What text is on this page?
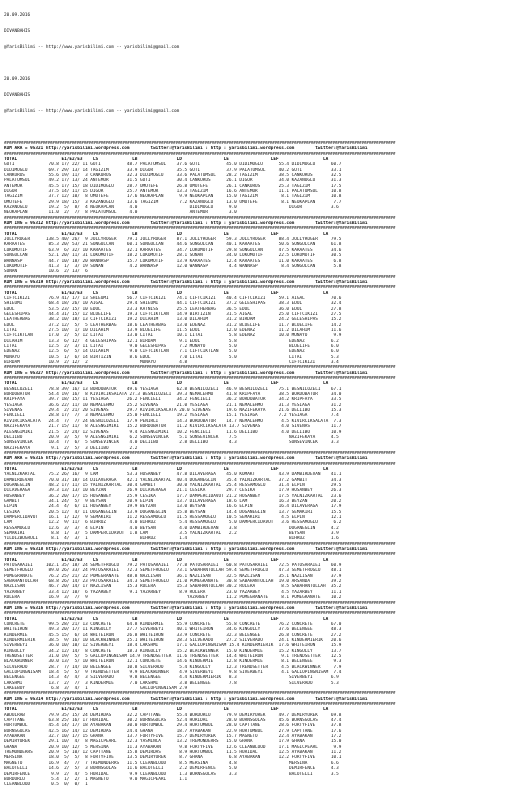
20.09.2016

DIVANBAHIS

@YarisBilimi -- http://www.yarisbilimi.com -- yarisbilimi@gmail.com

20.09.2016

DIVANBAHIS

@YarisBilimi -- http://www.yarisbilimi.com -- yarisbilimi@gmail.com

##################################################################################################################################################################
KUM ARA = 95321 http://yarisbilimi.wordpress.com        twitter:@YarisBilimi : http : yarisbilimi.wordpress.com        twitter:@YarisBilimi
##################################################################################################################################################################
TOTAL                 E1/E2/E3    LS             LB               LD                LE                LEF                 LA
GUTI             70.8 17/ 22/ 11 GUTI          48.7 PALATUMSUL    37.6 GUTI          45.0 DIDIMOGLU      55.4 DIDIMOGLU      60.7
DIDIMOGLU        69.7 29/ 13/ 14 TAGIZIM       33.9 DIGOR         35.5 GUTI          37.9 PALATUMSUL     40.2 GUTI           33.1
CANKURUS         55.6 19/ 11/  3 CANKURUS      32.3 DIDIMOGLU     33.6 PALATUMSUL    28.2 TAGIZIM        38.5 CANKURUS       32.5
PALATUMSUL       49.2 17/ 13/ 24 ANTEMUR       31.5 GUTI          30.4 CANKURUS      26.1 DIGOR          34.0 KAZANOGLU      31.3
ANTEMUR          45.5 17/ 15/ 18 DIDIMOGLU     28.7 UMUTEFE       26.8 UMUTEFE       26.1 CANKURUS       25.3 TAGIZIM        17.5
DIGOR            37.5 14/ 11/ 15 DIGOR         25.7 ANTEMUR       13.3 TAGIZIM       16.6 ANTEMUR        11.1 PALATUMSUL     10.8
TAGIZIM          37.7 12/ 10/  8 UMUTEFE       17.6 NEOKAPLAN      9.9 NEOKAPLAN     15.0 TAGIZIM         8.1 TAGIZIM        10.8
UMUTEFE          29.9 18/ 15/  3 KAZANOGLU     13.6 TAGIZIM        7.2 KAZANOGLU     13.0 UMUTEFE         8.1 NEOKAPLAN       7.7
KAZANOGLU        19.2  5/  8/  4 NEOKAPLAN      4.0                    DIDIMOGLU      9.0                    DIGOR           3.6
NEOKAPLAN        11.0  2/  7/  8 PALATUMSUL     4.0                    ANTEMUR        3.0
##################################################################################################################################################################
KUM ING = 95312 http://yarisbilimi.wordpress.com        twitter:@YarisBilimi : http : yarisbilimi.wordpress.com        twitter:@YarisBilimi
##################################################################################################################################################################
TOTAL                 E1/E2/E3    LS             LB               LD                LE                LEF                 LA
JOLLYROGER      138.5 40/ 26/  9 JOLLYROGER    79.1 JOLLYROGER    87.1 JOLLYROGER    59.3 JOLLYROGER     88.4 JOLLYROGER     79.5
KARAATES         85.3 20/ 53/ 21 SONGULCAN     60.1 SONGULCAN     44.6 SONGULCAN     40.1 KARAATES       50.6 SONGULCAN      61.8
LOKOMOTIF        63.9  6/ 32/ 10 KARAATES      32.1 KARAATES      34.7 LOKOMOTIF     29.8 SONGULCAN      47.5 KARAATES       34.6
SONGULCAN        52.1 20/ 11/ 31 LOKOMOTIF     18.2 LOKOMOTIF     28.1 SUNAN         34.0 LOKOMOTIF      22.5 LOKOMOTIF      30.5
WANNASP          44.7 10/ 18/ 20 WANNASP       15.7 LOKOMOTIF     13.9 KARAATES      12.4 KARAATES       11.0 KARAATES        6.8
LOKOMOTIF        41.3  1/  3/ 19 SUNAN          4.2 WANNASP       12.0 WANNASP        4.4 WANNASP         8.4 SONGULCAN       5.8
SUNAN            10.6  2/ 13/  6
##################################################################################################################################################################
KUM ING = 95319 http://yarisbilimi.wordpress.com        twitter:@YarisBilimi : http : yarisbilimi.wordpress.com        twitter:@YarisBilimi
##################################################################################################################################################################
TOTAL                 E1/E2/E3    LS             LB               LD                LE                LEF                 LA
CIFTCIKIZI       76.9 41/ 17/ 13 SHIEUMI       56.7 CIFTCIKIZI    74.1 CIFTCIKIZI    40.4 CIFTCIKIZI     59.1 AIGAL          70.6
SHIEUMI          68.4 18/ 26/ 10 AIGAL         29.4 SHIEUMI       44.1 CIFTCIKIZI    37.2 GELESHIPAS     38.3 EDUL           32.4
EDUL             53.5 23/ 15/ 10 EDUL          23.3 KATNISS       25.5 LEATHERBAG    36.5 EDUL           36.0 EDUL           27.8
GELESHIPAS       44.4 31/ 15/ 12 BLUELIFE      19.3 CIFTCIKTLAN   14.9 BIRTIZIN      31.5 AIGAL          25.0 CIFTCIKIZI     27.5
LEATHERBAG       38.2 10/ 18/ 13 CIFTCIKIZI    19.2 DILAHIM       13.0 DILAHIM       31.2 BIRDAM         24.2 GELESHIPAS     15.2
EDUL             37.2 12/  5/  5 LEATHERBAG    18.6 LEATHERBAG    13.0 EDENAZ        31.2 BLUELIFE       11.7 BLUELIFE       14.2
LITAI            27.5 10/  1/ 10 DILAHIM       13.9 BLUELIFE      11.5 EDUL          12.0 EDENAZ         11.2 DILAHIM        11.6
CIFTCIKTLAN      17.0  2/  5/ 12 LITAI         13.0 LITAI         10.1 LITAI          5.8 EDENAZ         10.0 MUNAYO          9.9
DILAHIM          13.3  6/ 12/  4 GELESHIPAS    12.1 BIRDAM         9.1 EDUL           5.8                    EDENAZ          6.2
LITAI            12.5  2/  3/ 11 LITAI          9.0 GELESHIPAS     7.2 MUNAYO         5.0                    BLUELIFE        6.0
EDENAZ           12.5  6/  5/ 14 DILAHIM        9.0 CIFTCIKTLAN    7.1 CIFTCIKTLAN    5.0                    EDENAZ          6.0
MUNAYO           10.5  1/  6/ 14 BIRTIZIN       8.6 EDUL           7.0 LITAI          5.0                    LITAI           5.3
BIRDAM           10.9  2/ 12/  2                    MUNAYO         4.8                                       CIFTCIKIZI      3.4
##################################################################################################################################################################
KUM ING = 95327 http://yarisbilimi.wordpress.com        twitter:@YarisBilimi : http : yarisbilimi.wordpress.com        twitter:@YarisBilimi
##################################################################################################################################################################
TOTAL                 E1/E2/E3    LS             LB               LD                LE                LEF                 LA
BESNILOZELI      78.8 39/ 16/ 13 BORDOBATUR    49.6 YESIAGA       62.8 BESNILOZELI   46.9 BESNILOZELI    75.1 BESNILOZELI    67.1
BORDOBATUR       54.4 19/ 16/  8 KIVIRCIKSALATA 27.3 BESNILOZELI  39.3 NEMALEHMO     41.8 KRIPFAYA       38.5 BORDOBATUR     34.0
KRIPFAYA         39.7 18/ 15/ 11 YESIAGA       26.2 FENCIELI      34.2 FENCIELI      36.2 BORDOBATUR     34.2 KRIPFAYA       33.5
YESIAGA          36.6 22/ 11/ 10 NEMALEHMO     25.2 SIVENAS       21.0 YESIAGA       21.1 NEMALEHMO      31.3 YESIAGA        31.2
SIVENAS          29.4  2/ 21/ 20 SIVENAS       29.7 KIVIRCIKSALATA 20.0 SIVENAS      19.6 NAZIFEKAYA     21.6 DELIIBO        15.3
FENCIELI         28.8 17/  7/  3 NEMALEHMO     25.0 FENCIELI      19.2 YESIAGA       15.1 YESIAGA        7.2 YESIAGA         7.4
KIVIRCIKSALATA   24.4  7/  7/ 24 BESNILOZELI   17.9 PENIRLI       14.3 BORDOBATUR    14.7 NEMALEHMO       4.5 KIVIRCIKSALATA  7.3
NAZIFEKAYA       21.7 15/ 11/  8 ALESNGIMIKI   15.2 BORDOBATUR    11.2 KIVIRCIKSALATA 13.7 SIVENAS        4.0 SIVENAS        11.7
ALESNGIMIKI      21.5  2/ 24/ 12 SIVENAS        9.4 ALESNGIMIKI   10.2 FENCIELI      11.6 DELIIBO         4.0 DELIIBO        10.9
DELIIBO          20.9  3/  5/  9 ALESNGIMIKI    6.2 SONSEVINCEK    5.1 SONSEVINCEK    7.5                    NAZIFEKAYA      4.5
SONSEVINCEK      10.4  7/  6/  5 SONSEVINCEK    4.0 DELIIBO        2.8 DELIIBO        4.3                    SONSEVINCEK     3.3
NAZIFEKAYA        9.1  2/  5/  3 DELIIBO        2.2
##################################################################################################################################################################
KUM ARA = 95315 http://yarisbilimi.wordpress.com        twitter:@YarisBilimi : http : yarisbilimi.wordpress.com        twitter:@YarisBilimi
##################################################################################################################################################################
TOTAL                 E1/E2/E3    LS             LB               LD                LE                LEF                 LA
YALNIZKARTAL     75.2 26/ 16/  9 LAM           53.3 HOSANBEY      47.8 DILAVERAGA    45.0 KOMAKT         43.9 DAMBIRDEVAN    41.1
DAMBIRDEVAN      70.0 31/ 18/ 14 DILAVERAGA    42.1 YALNIZKARTAL  40.4 DOGANEGLIN    35.4 YALNIZKARTAL   37.2 GAMBIT         34.3
DOGANEGLIN       48.2 17/ 11/ 15 YALNIZKARTAL  30.4 GAMBIT        30.0 YALNIZKARTAL  25.4 RESSAMOGLU     31.4 ELPIN          29.5
DILAVERAGA       39.3 13/ 13/ 10 BEYZAN        26.9 DILAVERAGA    21.1 CESIKA        29.7 CESIKA         17.9 HOSANBEY       26.3
HOSANBEY         36.2 20/ 17/ 15 HOSANBEY      25.9 CESIKA        17.7 DAMPERCIDAVUT 21.2 HOSANBEY       17.5 YALNIZKARTAL   23.6
GAMBIT           34.1 24/  5/  9 BEYSAN        20.9 ELPIN         13.7 DILAVERAGA    18.6 LAM            16.3 BEYZAN         20.2
ELPIN            24.4  4/  6/ 11 HOSANBEY      19.9 BEYZAN        13.0 BEYSAN        16.6 ELPIN          16.4 DILAVERAGA     17.9
CESIKA           20.5 12/  4/ 11 DOGANEGLIN    13.9 DOGANEGLIN    15.8 BEYSAN        14.4 DOGANEGLIN     13.7 SEMAKIRI       15.5
DAMPERCIDAVUT    16.1  1/ 12/  9 SEMAKIRI      11.2 RESSAMOGLU    11.5 RESSAMOGLU    10.5 SEMAKIRI        4.5 ELPIN          12.1
LAM              12.2  9/ 11/  6 BIHRUZ         4.0 BIHRUZ         5.4 RESSAMOGLU     5.0 DAMPERCIDAVUT   3.6 RESSAMOGLU      6.2
RESSAMOGLU       12.6  3/  3/  4 ELPIN          4.0 BEYSAN         4.0 DAMBIRDEVAN    3.8                    DOGANEGLIN      4.2
SEMAKIRI          8.8  1/  3/  5 DAMPERCIDAVUT  1.8 LAM            3.5 YALNIZKARTAL   2.2                    BEYSAN          3.9
YILDIZBUGRULI     8.1  4/  3/  1                    BIHRUZ         1.4                                       BIHRUZ          1.6
##################################################################################################################################################################
KUM ING = 95318 http://yarisbilimi.wordpress.com        twitter:@YarisBilimi : http : yarisbilimi.wordpress.com        twitter:@YarisBilimi
##################################################################################################################################################################
TOTAL                 E1/E2/E3    LS             LB               LD                LE                LEF                 LA
PATOSARAIEI     102.1 35/ 18/ 24 SEMETFROGLU   79.2 PATOSARAIEI   77.8 PATOSARAIEI   60.8 PATOSARAIEI    72.5 PATOSARAIEI    60.9
SEMETFROGLU      89.0 26/ 33/ 24 PATOSARAIEI   72.3 SEMETFROGLU   73.1 SABAHANTOLLAH 59.4 SEMETFROGLU    47.3 SEMETFROGLU    48.1
POMEGRANATE      76.2 25/ 21/ 22 POMEGRANATE   48.8 NAZLISAN      36.1 NAZLISAN      32.5 NAZLISAN       35.1 NAZLISAN       37.9
SABAHANTOLLAH    68.8 26/ 14/ 23 PATOSARAIEI   34.3 SEMETFROGLU   21.0 POMEGRANATE   30.8 SABAHANTOLLAH  19.0 ARSANDA        39.2
NAZLISAN         46.7 20/ 14/ 17 NAZLISAN      15.3 RULERA        15.3 SABAHANTOLLAH 30.2 RULERA          8.5 SABAHANTOLLAH  35.2
YAZARBEY         33.4 12/ 10/  6 YAZARBEY       9.1 YAZARBEY       8.9 RULERA        23.0 YAZARBEY        4.5 YAZARBEY       11.1
RULERA           16.9  3/  7/  9                                      YAZARBEY       11.2 POMEGRANATE     8.1 POMEGRANATE    10.2
##################################################################################################################################################################
KUM ING = 95316 http://yarisbilimi.wordpress.com        twitter:@YarisBilimi : http : yarisbilimi.wordpress.com        twitter:@YarisBilimi
##################################################################################################################################################################
TOTAL                 E1/E2/E3    LS             LB               LD                LE                LEF                 LA
CONCRETE         99.5 28/ 21/ 13 CONCRETE      64.8 KINDERMIE     55.9 CONCRETE      55.8 CONCRETE       76.2 CONCRETE       67.0
WHITEIRON        49.3 20/ 17/ 11 KINGULLY      27.7 SIVERBEYI     40.1 WHITEIRON     34.6 KINGULLY       37.6 BELENGEE       48.3
KINDERMIE        45.5 15/  6/ 14 WHITEIRON     26.8 WHITEIRON     33.9 CONCRETE      32.3 BELENGEE       26.8 CONCRETE       27.2
KINDERMIERIK     38.5  9/ 16/ 10 BLACKWINNER   25.1 WHITEIRON     28.3 SILVERADO     27.2 SILVERADO      24.1 KINDERMIERIK   20.6
SIVERBEYI        36.0 10/ 10/ 12 SIVERBEYI     18.4 LAKSHMI       17.1 GALLOPINGNISAM 15.4 KINDERMIERIK  17.6 WHITEIRON      15.9
KINGULLY         34.2 12/ 14/  8 CONCRETE      18.3 KINGULLY      15.2 BLACKWINNER   15.0 KINDERMIE      15.2 KINGULLY       13.7
TRENDSETTER      31.0 19/  5/  5 GALLOPINGNISAM 14.9 TRENDSETTER  11.6 TRENDSETTER   14.4 WHITEIRON       9.1 TRENDSETTER    12.5
BLACKWINNER      30.0 13/  5/ 10 WHITEIRON     12.1 CONCRETE      14.6 KINDERMIE     12.8 KINDERMIE       8.1 BELENGEE        9.3
SILVERADO        28.7  7/ 14/ 10 BELENGEE      10.8 SILVERADO      5.4 KINGULLY      12.3 TRENDSETTER     4.5 BLACKWINNER     7.9
GALLOPINGNISAM   18.4  5/  5/  9 TRENDSETTER    9.9 BLACKWINNER    4.9 SIVERBEYI      9.8 SIVERBEYI       4.1 GALLOPINGNISAM  7.4
BELENGEE         14.3  4/  4/  3 SILVERADO      9.8 BELENGEE       4.4 KINDERMIERIK   8.3                    SIVERBEYI       6.9
LAKSHMI          13.7  2/  7/  3 KINDERMIE      7.0 LAKSHMI        3.8 BELENGEE       7.8                    SILVERADO       5.3
LAKEEBOY          6.8  3/  4/  1                    GALLOPINGNISAM 2.9
##################################################################################################################################################################
KUM ING = 95314 http://yarisbilimi.wordpress.com        twitter:@YarisBilimi : http : yarisbilimi.wordpress.com        twitter:@YarisBilimi
##################################################################################################################################################################
TOTAL                 E1/E2/E3    LS             LB               LD                LE                LEF                 LA
ABDULRAB         79.9 35/ 15/ 24 DEMIRDAS      32.2 CAPTTANE      55.4 BURDURLU      79.9 DEMIRYUREK     49.7 DEMIRYUREK     69.8
CAPTTANE         63.8 25/ 16/ 17 HURIDAL       30.2 BURNSGOLAS    52.4 HURIDAL       28.0 BURNSGOLAS     45.6 BURNSGOLAS     47.4
HURTUMBUL        45.4 14/ 17/ 18 AYABAKAN      30.0 HURTUMBUL     29.4 HURTUMBUL     28.0 CAPTTANE       28.6 FORTYFIVE      37.8
BURNSGOLAS       42.5 16/ 14/ 12 DEMIRDAS      24.4 GHANA         18.7 AYABAKAN      22.9 HURTUMBUL      27.9 CAPTTANE       17.6
AYABAKAN         32.7 10/ 17/ 15 GHANA         13.7 FORTYFIVE     15.7 DEMIRYUREK    15.7 MAGNETO        22.4 AYABAKAN       17.2
DEMIRYUREK       29.1 10/  4/  8 MAGICPEARL    12.3 YASMINCA      13.2 TREMONDERRS   15.0 GHANA          17.9 GHANA          15.0
GHANA            20.9 10/ 12/  5 MERSINA       11.3 AYABAKAN       9.8 FORTYFIVE     12.6 CLEANBLOOD     17.1 MAGICPEARL      9.9
TREMONDERRS      20.9  5/ 10/ 12 CAPTTANE      15.8 DEMIRDAS       8.9 HURTUMBUL     11.5 HURIDAL        12.5 AYABAKAN       11.2
MERSINA          18.0  5/  5/  8 FORTYFIVE     13.5 DEMIRYUREK     8.7 GHANA          6.8 AYABAKAN       12.2 FORTYFIVE      10.1
MAGNETO          16.9  4/  7/  7 TREMONDERRS   11.5 CLEANBLOOD     8.5 MERSINA        4.8                    MERSINA         6.6
BALOTELLI        14.6  2/  5/  3 BURNSGOLAS    11.6 BALOTELLI      2.2 DEMIRFENCE     5.0                    DEMIRFENCE      4.3
DEMIRFENCE        9.9  2/  4/  5 HURIDAL        9.9 CLEANBLOOD     1.3 BURNSGOLAS     3.3                    BALOTELLI       3.5
BURDURLU          5.4  1/  2/  1 MAGNETO        9.0 MAGICPEARL     1.1
CLEANBLOOD        0.5  0/  0/  1
